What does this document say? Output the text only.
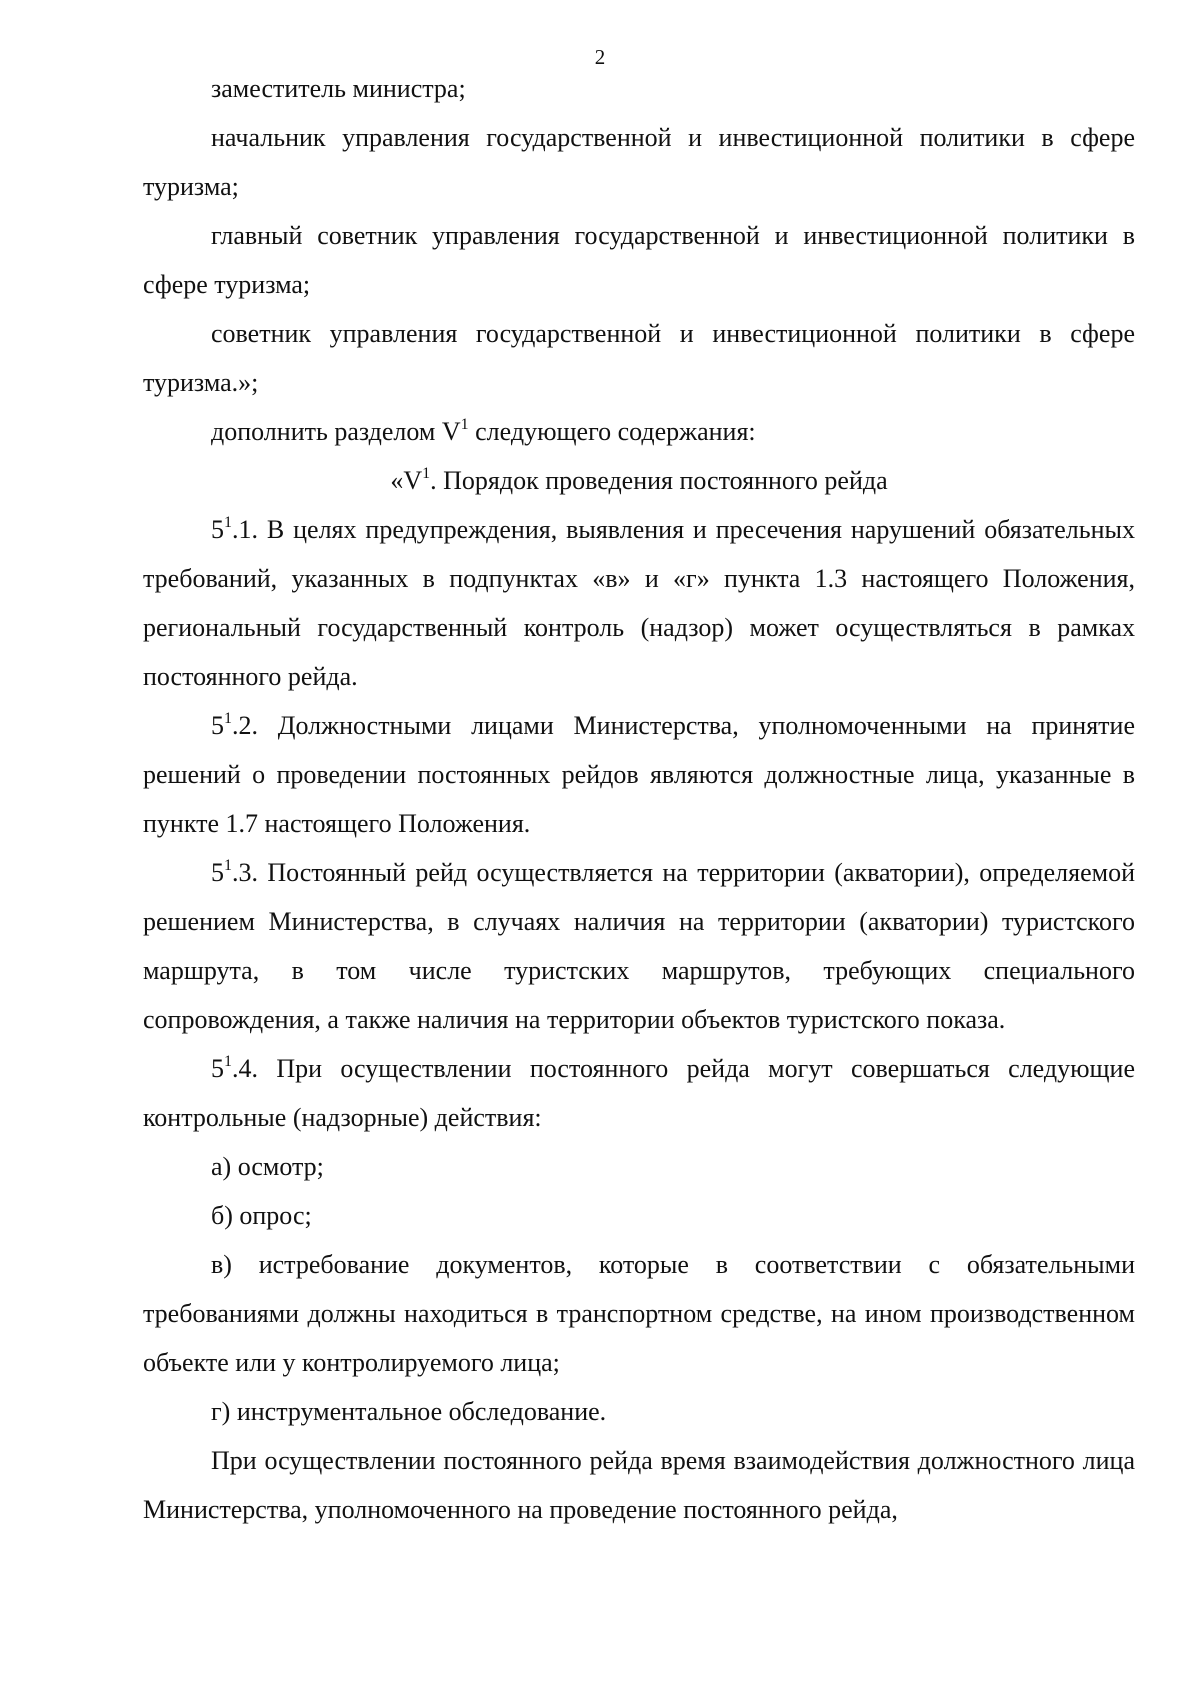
2

заместитель министра;

начальник управления государственной и инвестиционной политики в сфере туризма;

главный советник управления государственной и инвестиционной политики в сфере туризма;

советник управления государственной и инвестиционной политики в сфере туризма.»;

дополнить разделом $V^1$ следующего содержания:

«$V^1$. Порядок проведения постоянного рейда

$5^1.1$. В целях предупреждения, выявления и пресечения нарушений обязательных требований, указанных в подпунктах «в» и «г» пункта 1.3 настоящего Положения, региональный государственный контроль (надзор) может осуществляться в рамках постоянного рейда.

$5^1.2$. Должностными лицами Министерства, уполномоченными на принятие решений о проведении постоянных рейдов являются должностные лица, указанные в пункте 1.7 настоящего Положения.

$5^1.3$. Постоянный рейд осуществляется на территории (акватории), определяемой решением Министерства, в случаях наличия на территории (акватории) туристского маршрута, в том числе туристских маршрутов, требующих специального сопровождения, а также наличия на территории объектов туристского показа.

$5^1.4$. При осуществлении постоянного рейда могут совершаться следующие контрольные (надзорные) действия:

а) осмотр;

б) опрос;

в) истребование документов, которые в соответствии с обязательными требованиями должны находиться в транспортном средстве, на ином производственном объекте или у контролируемого лица;

г) инструментальное обследование.

При осуществлении постоянного рейда время взаимодействия должностного лица Министерства, уполномоченного на проведение постоянного рейда,
